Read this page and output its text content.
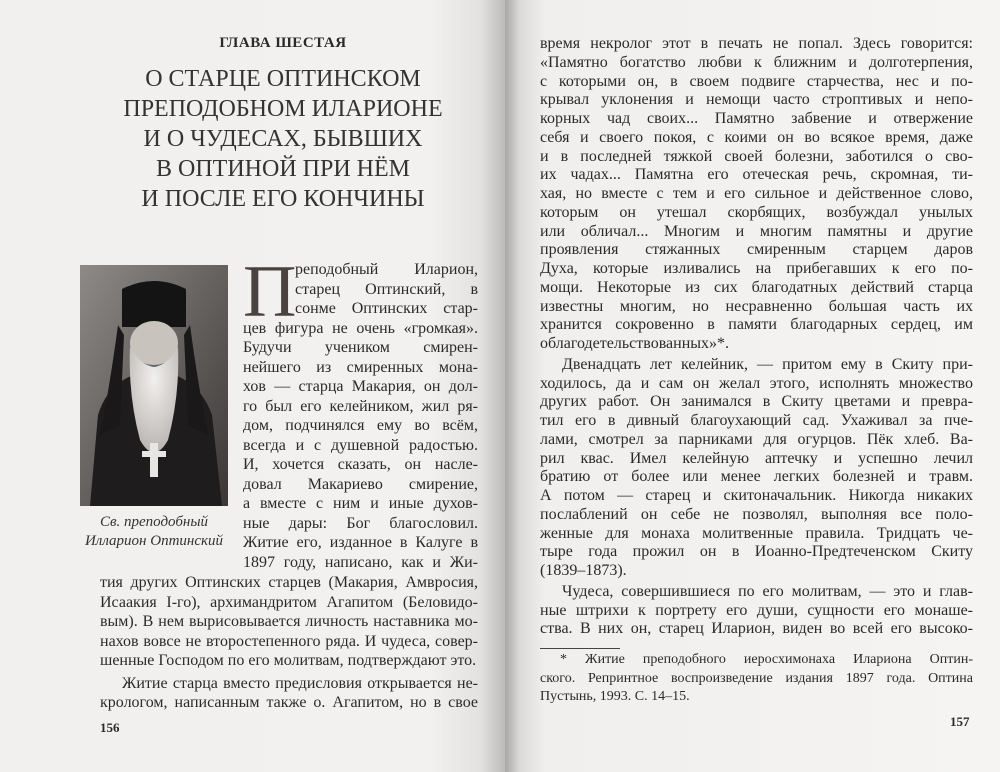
ГЛАВА ШЕСТАЯ
О СТАРЦЕ ОПТИНСКОМ
ПРЕПОДОБНОМ ИЛАРИОНЕ
И О ЧУДЕСАХ, БЫВШИХ
В ОПТИНОЙ ПРИ НЁМ
И ПОСЛЕ ЕГО КОНЧИНЫ
Св. преподобный
Илларион Оптинский
П
реподобный Иларион,
старец Оптинский, в
сонме Оптинских стар-
цев фигура не очень «громкая».
Будучи учеником смирен-
нейшего из смиренных мона-
хов — старца Макария, он дол-
го был его келейником, жил ря-
дом, подчинялся ему во всём,
всегда и с душевной радостью.
И, хочется сказать, он насле-
довал Макариево смирение,
а вместе с ним и иные духов-
ные дары: Бог благословил.
Житие его, изданное в Калуге в
1897 году, написано, как и Жи-
тия других Оптинских старцев (Макария, Амвросия,
Исаакия I-го), архимандритом Агапитом (Беловидо-
вым). В нем вырисовывается личность наставника мо-
нахов вовсе не второстепенного ряда. И чудеса, совер-
шенные Господом по его молитвам, подтверждают это.
Житие старца вместо предисловия открывается не-
крологом, написанным также о. Агапитом, но в свое
156
время некролог этот в печать не попал. Здесь говорится:
«Памятно богатство любви к ближним и долготерпения,
с которыми он, в своем подвиге старчества, нес и по-
крывал уклонения и немощи часто строптивых и непо-
корных чад своих... Памятно забвение и отвержение
себя и своего покоя, с коими он во всякое время, даже
и в последней тяжкой своей болезни, заботился о сво-
их чадах... Памятна его отеческая речь, скромная, ти-
хая, но вместе с тем и его сильное и действенное слово,
которым он утешал скорбящих, возбуждал унылых
или обличал... Многим и многим памятны и другие
проявления стяжанных смиренным старцем даров
Духа, которые изливались на прибегавших к его по-
мощи. Некоторые из сих благодатных действий старца
известны многим, но несравненно большая часть их
хранится сокровенно в памяти благодарных сердец, им
облагодетельствованных»*.
Двенадцать лет келейник, — притом ему в Скиту при-
ходилось, да и сам он желал этого, исполнять множество
других работ. Он занимался в Скиту цветами и превра-
тил его в дивный благоухающий сад. Ухаживал за пче-
лами, смотрел за парниками для огурцов. Пёк хлеб. Ва-
рил квас. Имел келейную аптечку и успешно лечил
братию от более или менее легких болезней и травм.
А потом — старец и скитоначальник. Никогда никаких
послаблений он себе не позволял, выполняя все поло-
женные для монаха молитвенные правила. Тридцать че-
тыре года прожил он в Иоанно-Предтеченском Скиту
(1839–1873).
Чудеса, совершившиеся по его молитвам, — это и глав-
ные штрихи к портрету его души, сущности его монаше-
ства. В них он, старец Иларион, виден во всей его высоко-
* Житие преподобного иеросхимонаха Илариона Оптин-
ского. Репринтное воспроизведение издания 1897 года. Оптина
Пустынь, 1993. С. 14–15.
157
